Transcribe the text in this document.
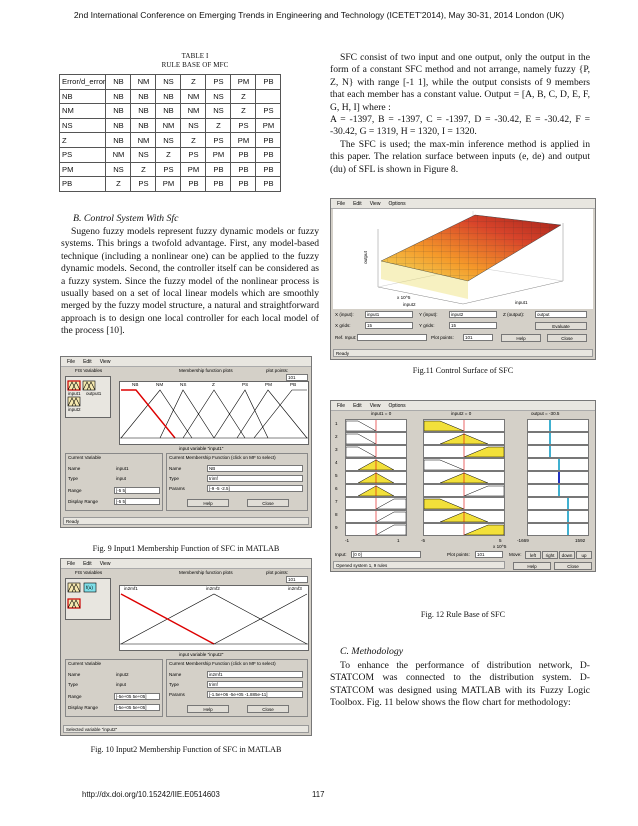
2nd International Conference on Emerging Trends in Engineering and Technology (ICETET'2014), May 30-31, 2014 London (UK)
TABLE I
RULE BASE OF MFC
Error/d_error	NB	NM	NS	Z	PS	PM	PB
NB	NB	NB	NB	NM	NS	Z	
NM	NB	NB	NB	NM	NS	Z	PS
NS	NB	NB	NM	NS	Z	PS	PM
Z	NB	NM	NS	Z	PS	PM	PB
PS	NM	NS	Z	PS	PM	PB	PB
PM	NS	Z	PS	PM	PB	PB	PB
PB	Z	PS	PM	PB	PB	PB	PB
B. Control System With Sfc
Sugeno fuzzy models represent fuzzy dynamic models or fuzzy systems. This brings a twofold advantage. First, any model-based technique (including a nonlinear one) can be applied to the fuzzy dynamic models. Second, the controller itself can be considered as a fuzzy system. Since the fuzzy model of the nonlinear process is usually based on a set of local linear models which are smoothly merged by the fuzzy model structure, a natural and straightforward approach is to design one local controller for each local model of the process [10].
File Edit View
FIS Variables
input1 output1
input2
Membership function plots	plot points:
101
NB	NM	NS	Z	PS	PM	PB
input variable "input1"
Current Variable
Name	input1
Type	input
Range	[-5 5]
Display Range	[-5 5]
Current Membership Function (click on MF to select)
Name	NB
Type	trimf
Params	[-9 -5 -2.5]
Help	Close
Ready
Fig. 9 Input1 Membership Function of SFC in MATLAB
File Edit View
FIS Variables
f(u)
Membership function plots	plot points:
101
in2mf1	in2mf2	in2mf3
input variable "input2"
Current Variable
Name	input2
Type	input
Range	[-5e+05 5e+05]
Display Range	[-5e+05 5e+05]
Current Membership Function (click on MF to select)
Name	in2mf1
Type	trimf
Params	[-1.5e+06 -5e+05 -1.885e-11]
Help	Close
Selected variable "input2"
Fig. 10 Input2 Membership Function of SFC in MATLAB
SFC consist of two input and one output, only the output in the form of a constant SFC method and not arrange, namely fuzzy {P, Z, N} with range [-1 1], while the output consists of 9 members that each member has a constant value. Output = [A, B, C, D, E, F, G, H, I] where :
A = -1397, B = -1397, C = -1397, D = -30.42, E = -30.42, F = -30.42, G = 1319, H = 1320, I = 1320.
The SFC is used; the max-min inference method is applied in this paper. The relation surface between inputs (e, de) and output (du) of SFL is shown in Figure 8.
File Edit View Options
output
x 10^5
input2	input1
X (input):	input1	Y (input):	input2	Z (output):	output
X grids:	15	Y grids:	15	Evaluate
Ref. Input:	Plot points:	101	Help	Close
Ready
Fig.11 Control Surface of SFC
File Edit View Options
input1 = 0	input2 = 0	output = -30.5
1
2
3
4
5
6
7
8
9
-1	1	-5	5
x 10^5
-1669	1592
Input:	[0 0]	Plot points:	101	Move:	left	right	down	up
Opened system 1, 9 rules	Help	Close
Fig. 12 Rule Base of SFC
C. Methodology
To enhance the performance of distribution network, D-STATCOM was connected to the distribution system. D-STATCOM was designed using MATLAB with its Fuzzy Logic Toolbox. Fig. 11 below shows the flow chart for methodology:
http://dx.doi.org/10.15242/IIE.E0514603	117
